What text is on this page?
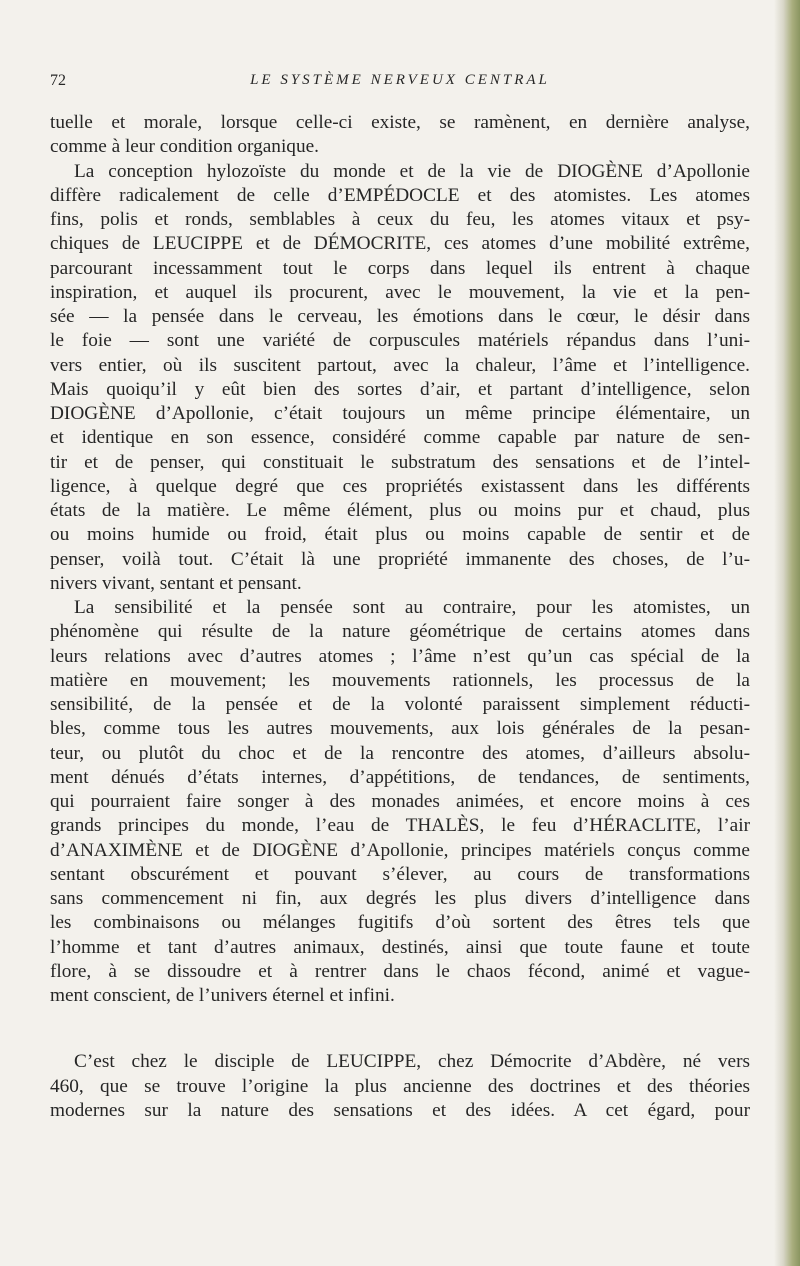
72	LE SYSTÈME NERVEUX CENTRAL

tuelle et morale, lorsque celle-ci existe, se ramènent, en dernière analyse,
comme à leur condition organique.

La conception hylozoïste du monde et de la vie de DIOGÈNE d’Apollonie
diffère radicalement de celle d’EMPÉDOCLE et des atomistes. Les atomes
fins, polis et ronds, semblables à ceux du feu, les atomes vitaux et psy-
chiques de LEUCIPPE et de DÉMOCRITE, ces atomes d’une mobilité extrême,
parcourant incessamment tout le corps dans lequel ils entrent à chaque
inspiration, et auquel ils procurent, avec le mouvement, la vie et la pen-
sée — la pensée dans le cerveau, les émotions dans le cœur, le désir dans
le foie — sont une variété de corpuscules matériels répandus dans l’uni-
vers entier, où ils suscitent partout, avec la chaleur, l’âme et l’intelligence.
Mais quoiqu’il y eût bien des sortes d’air, et partant d’intelligence, selon
DIOGÈNE d’Apollonie, c’était toujours un même principe élémentaire, un
et identique en son essence, considéré comme capable par nature de sen-
tir et de penser, qui constituait le substratum des sensations et de l’intel-
ligence, à quelque degré que ces propriétés existassent dans les différents
états de la matière. Le même élément, plus ou moins pur et chaud, plus
ou moins humide ou froid, était plus ou moins capable de sentir et de
penser, voilà tout. C’était là une propriété immanente des choses, de l’u-
nivers vivant, sentant et pensant.

La sensibilité et la pensée sont au contraire, pour les atomistes, un
phénomène qui résulte de la nature géométrique de certains atomes dans
leurs relations avec d’autres atomes ; l’âme n’est qu’un cas spécial de la
matière en mouvement; les mouvements rationnels, les processus de la
sensibilité, de la pensée et de la volonté paraissent simplement réducti-
bles, comme tous les autres mouvements, aux lois générales de la pesan-
teur, ou plutôt du choc et de la rencontre des atomes, d’ailleurs absolu-
ment dénués d’états internes, d’appétitions, de tendances, de sentiments,
qui pourraient faire songer à des monades animées, et encore moins à ces
grands principes du monde, l’eau de THALÈS, le feu d’HÉRACLITE, l’air
d’ANAXIMÈNE et de DIOGÈNE d’Apollonie, principes matériels conçus comme
sentant obscurément et pouvant s’élever, au cours de transformations
sans commencement ni fin, aux degrés les plus divers d’intelligence dans
les combinaisons ou mélanges fugitifs d’où sortent des êtres tels que
l’homme et tant d’autres animaux, destinés, ainsi que toute faune et toute
flore, à se dissoudre et à rentrer dans le chaos fécond, animé et vague-
ment conscient, de l’univers éternel et infini.

C’est chez le disciple de LEUCIPPE, chez Démocrite d’Abdère, né vers
460, que se trouve l’origine la plus ancienne des doctrines et des théories
modernes sur la nature des sensations et des idées. A cet égard, pour
